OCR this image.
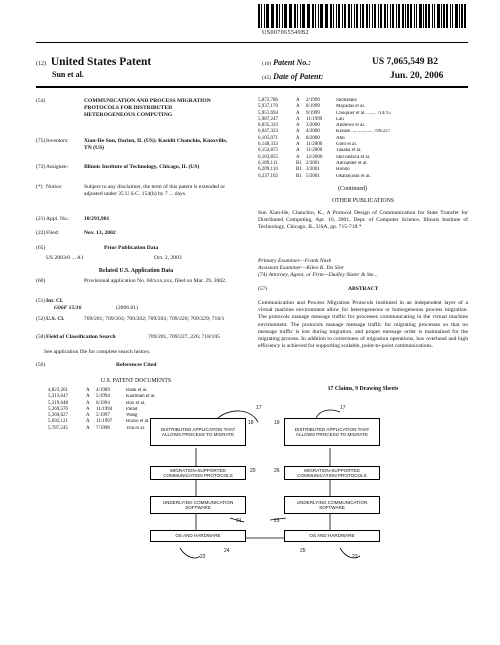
US007065549B2
(12) United States Patent
Sun et al.
(10) Patent No.:	US 7,065,549 B2
(45) Date of Patent:	Jun. 20, 2006
(54)	COMMUNICATION AND PROCESS MIGRATION PROTOCOLS FOR DISTRIBUTED HETEROGENEOUS COMPUTING
(75) Inventors:	Xian-He Sun, Darien, IL (US); Kasidit Chanchio, Knoxville, TN (US)
(73) Assignee:	Illinois Institute of Technology, Chicago, IL (US)
(*) Notice:	Subject to any disclaimer, the term of this patent is extended or adjusted under 35 U.S.C. 154(b) by 7 ... days.
(21) Appl. No.:	10/293,981
(22) Filed:	Nov. 13, 2002
(65)	Prior Publication Data
US 2003/0 ... A1	Oct. 2, 2003
Related U.S. Application Data
(60)	Provisional application No. 60/xxx,xxx, filed on Mar. 29, 2002.
(51) Int. Cl.
G06F 15/16	(2006.01)
(52) U.S. Cl.	709/201; 709/203; 709/202; 709/203; 709/226; 709/229; 718/1
(58) Field of Classification Search	709/201, 709/227, 226; 718/105
See application file for complete search history.
(56)	References Cited
U.S. PATENT DOCUMENTS
4,823,261	A	4/1989	Bank et al.
5,313,647	A	5/1994	Kaufman et al.
5,319,648	A	6/1994	Bux et al.
5,369,570	A	11/1994	Parad
5,369,627	A	5/1997	Wang
5,692,121	A	11/1997	Bozso et al.
5,787,245	A	7/1998	You et al.
5,872,786	A	2/1999	Shobatake
5,937,170	A	8/1999	Mayadas et al.
5,951,694	A	9/1999	Choquier et al. ....... 714/15
5,987,247	A	11/1999	Lau
6,035,333	A	3/2000	Andrews et al.
6,047,323	A	4/2000	Krause ................. 709/227
6,105,071	A	8/2000	Ahn
6,148,333	A	11/2000	Goto et al.
6,154,875	A	11/2000	Tanaka et al.
6,163,855	A	12/2000	Shrivastava et al.
6,189,111	B1 2/2001	Alexander et al.
6,209,110	B1 3/2001	Hondo
6,237,102	B1 5/2001	Okabayashi et al.
(Continued)
OTHER PUBLICATIONS
Sun Xian-He, Chanchio, K., A Protocol Design of Communication for State Transfer for Distributed Computing, Apr. 16, 2001, Dept. of Computer Science, Illinois Institute of Technology, Chicago, IL, USA, pp. 715-718.*
Primary Examiner—Frank Nash
Assistant Examiner—Kileo K. Du Sinr
(74) Attorney, Agent, or Firm—Dudley Slater & Ste...
(57)	ABSTRACT
Communication and Process Migration Protocols instituted in an independent layer of a virtual machine environment allow for heterogeneous or homogeneous process migration. The protocols manage message traffic for processes communicating in the virtual machine environment. The protocols manage message traffic for migrating processes so that no message traffic is lost during migration, and proper message order is maintained for the migrating process. In addition to correctness of migration operations, low overhead and high efficiency is achieved for supporting scalable, point-to-point communications.
17 Claims, 9 Drawing Sheets
DISTRIBUTED APPLICATION THAT ALLOWS PROCESS TO MIGRATE
MIGRATION-SUPPORTED COMMUNICATION PROTOCOLS
UNDERLYING COMMUNICATION SOFTWARE
OS AND HARDWARE
DISTRIBUTED APPLICATION THAT ALLOWS PROCESS TO MIGRATE
MIGRATION-SUPPORTED COMMUNICATION PROTOCOLS
UNDERLYING COMMUNICATION SOFTWARE
OS AND HARDWARE
17	17
18	19
20	26
21	23
22	22
24	25
